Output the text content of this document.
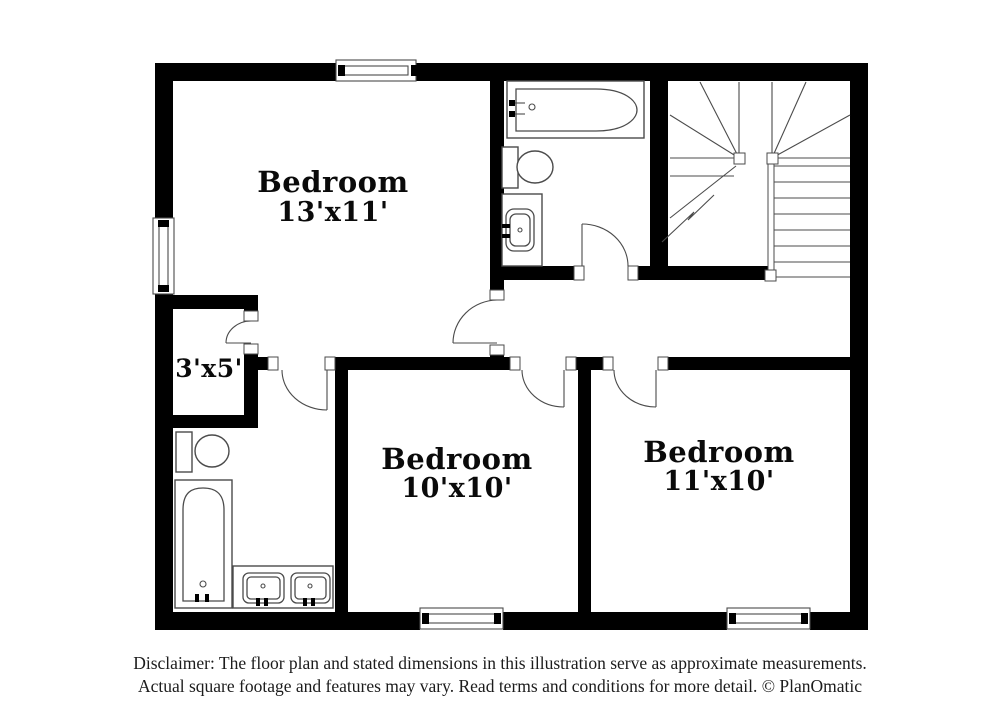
Bedroom
13'x11'
3'x5'
Bedroom
10'x10'
Bedroom
11'x10'
Disclaimer: The floor plan and stated dimensions in this illustration serve as approximate measurements.
Actual square footage and features may vary. Read terms and conditions for more detail. © PlanOmatic
